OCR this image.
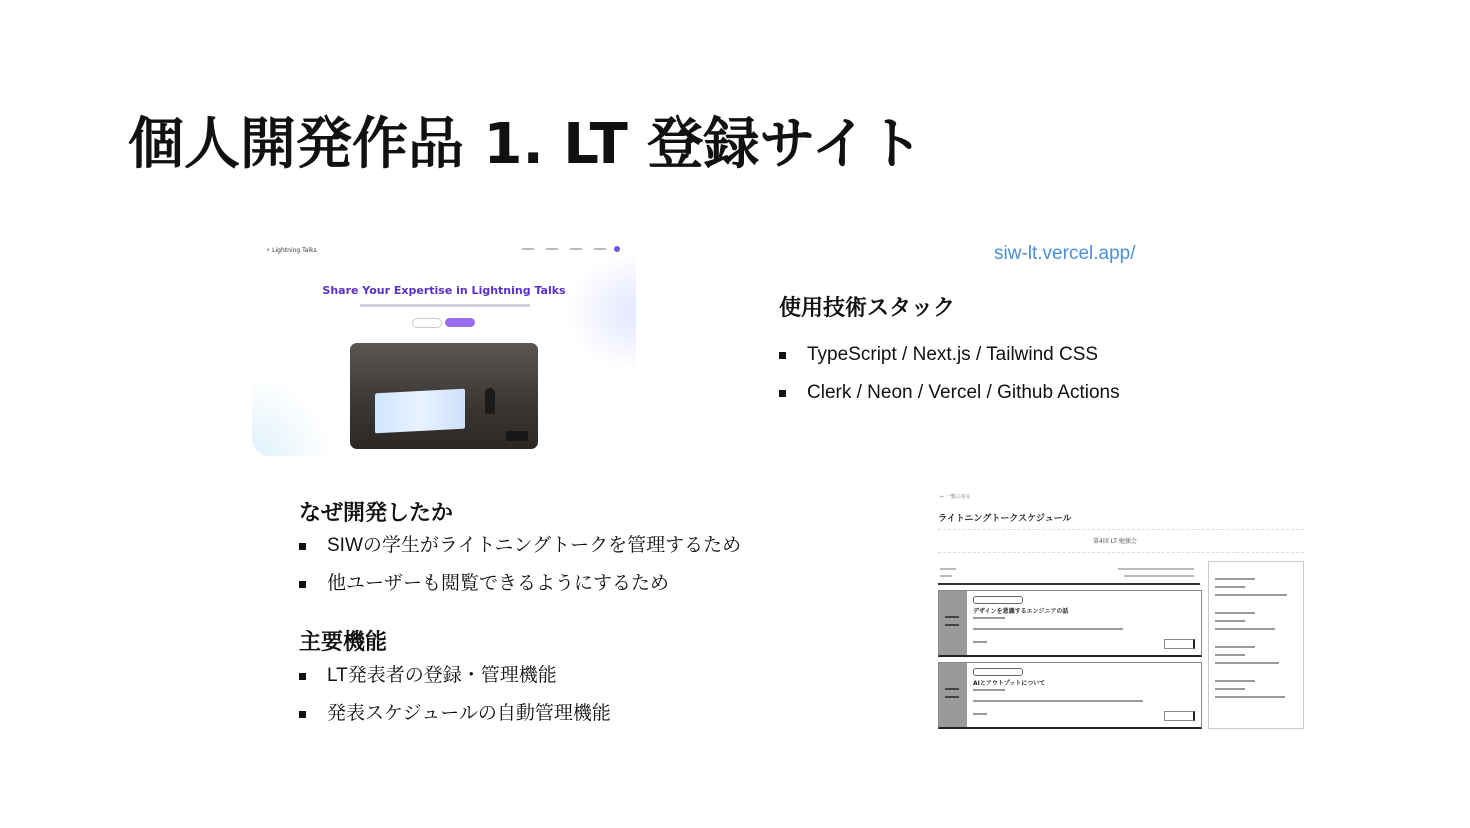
個人開発作品 1. LT 登録サイト
⚡ Lightning Talks
Share Your Expertise in Lightning Talks
siw-lt.vercel.app/
使用技術スタック
TypeScript / Next.js / Tailwind CSS
Clerk / Neon / Vercel / Github Actions
なぜ開発したか
SIWの学生がライトニングトークを管理するため
他ユーザーも閲覧できるようにするため
主要機能
LT発表者の登録・管理機能
発表スケジュールの自動管理機能
← 一覧に戻る
ライトニングトークスケジュール
第4回 LT 勉強会
デザインを意識するエンジニアの話
AIとアウトプットについて
